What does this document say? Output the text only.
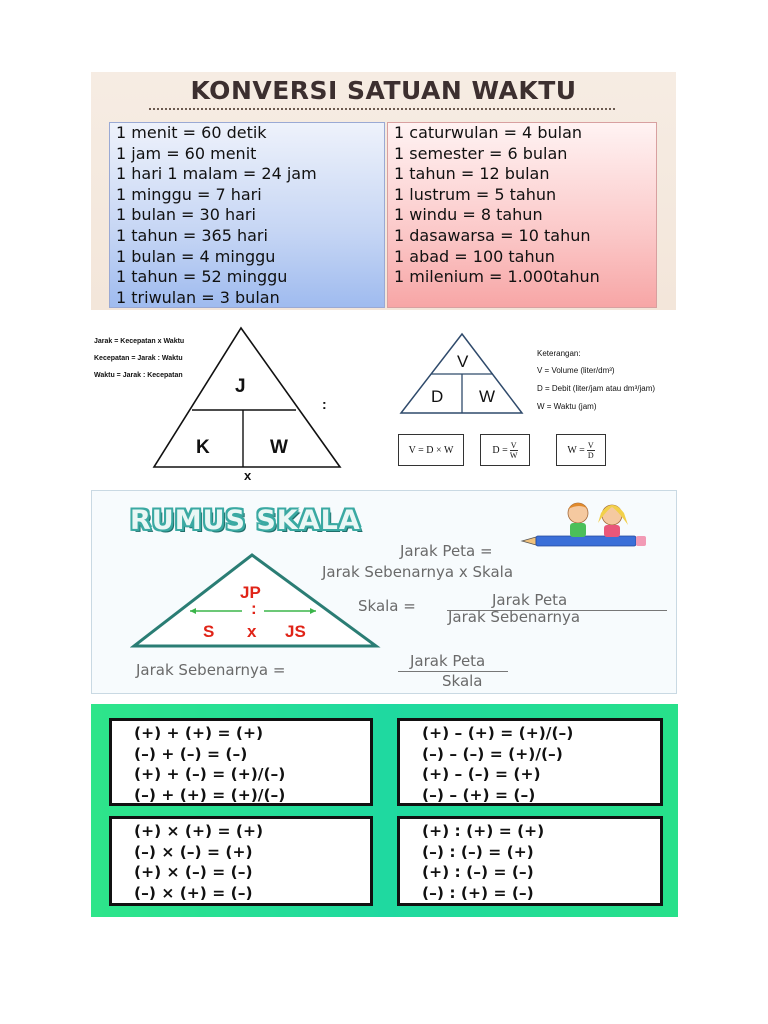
KONVERSI SATUAN WAKTU
1 menit = 60 detik
1 jam = 60 menit
1 hari 1 malam = 24 jam
1 minggu = 7 hari
1 bulan = 30 hari
1 tahun = 365 hari
1 bulan = 4 minggu
1 tahun = 52 minggu
1 triwulan = 3 bulan
1 caturwulan = 4 bulan
1 semester = 6 bulan
1 tahun = 12 bulan
1 lustrum = 5 tahun
1 windu = 8 tahun
1 dasawarsa = 10 tahun
1 abad = 100 tahun
1 milenium = 1.000tahun
Jarak = Kecepatan x Waktu
Kecepatan = Jarak : Waktu
Waktu = Jarak : Kecepatan
J
K	W
:
x
V
D W
Keterangan:
V = Volume (liter/dm³)
D = Debit (liter/jam atau dm³/jam)
W = Waktu (jam)
V = D × W	$D = \frac{V}{W}$	$W = \frac{V}{D}$
RUMUS SKALA
JP
:
S x JS
Jarak Peta =
Jarak Sebenarnya x Skala
Skala =	Jarak Peta
Jarak Sebenarnya
Jarak Sebenarnya =	Jarak Peta
Skala
(+) + (+) = (+)
(–) + (–) = (–)
(+) + (–) = (+)/(–)
(–) + (+) = (+)/(–)
(+) – (+) = (+)/(–)
(–) – (–) = (+)/(–)
(+) – (–) = (+)
(–) – (+) = (–)
(+) × (+) = (+)
(–) × (–) = (+)
(+) × (–) = (–)
(–) × (+) = (–)
(+) : (+) = (+)
(–) : (–) = (+)
(+) : (–) = (–)
(–) : (+) = (–)
